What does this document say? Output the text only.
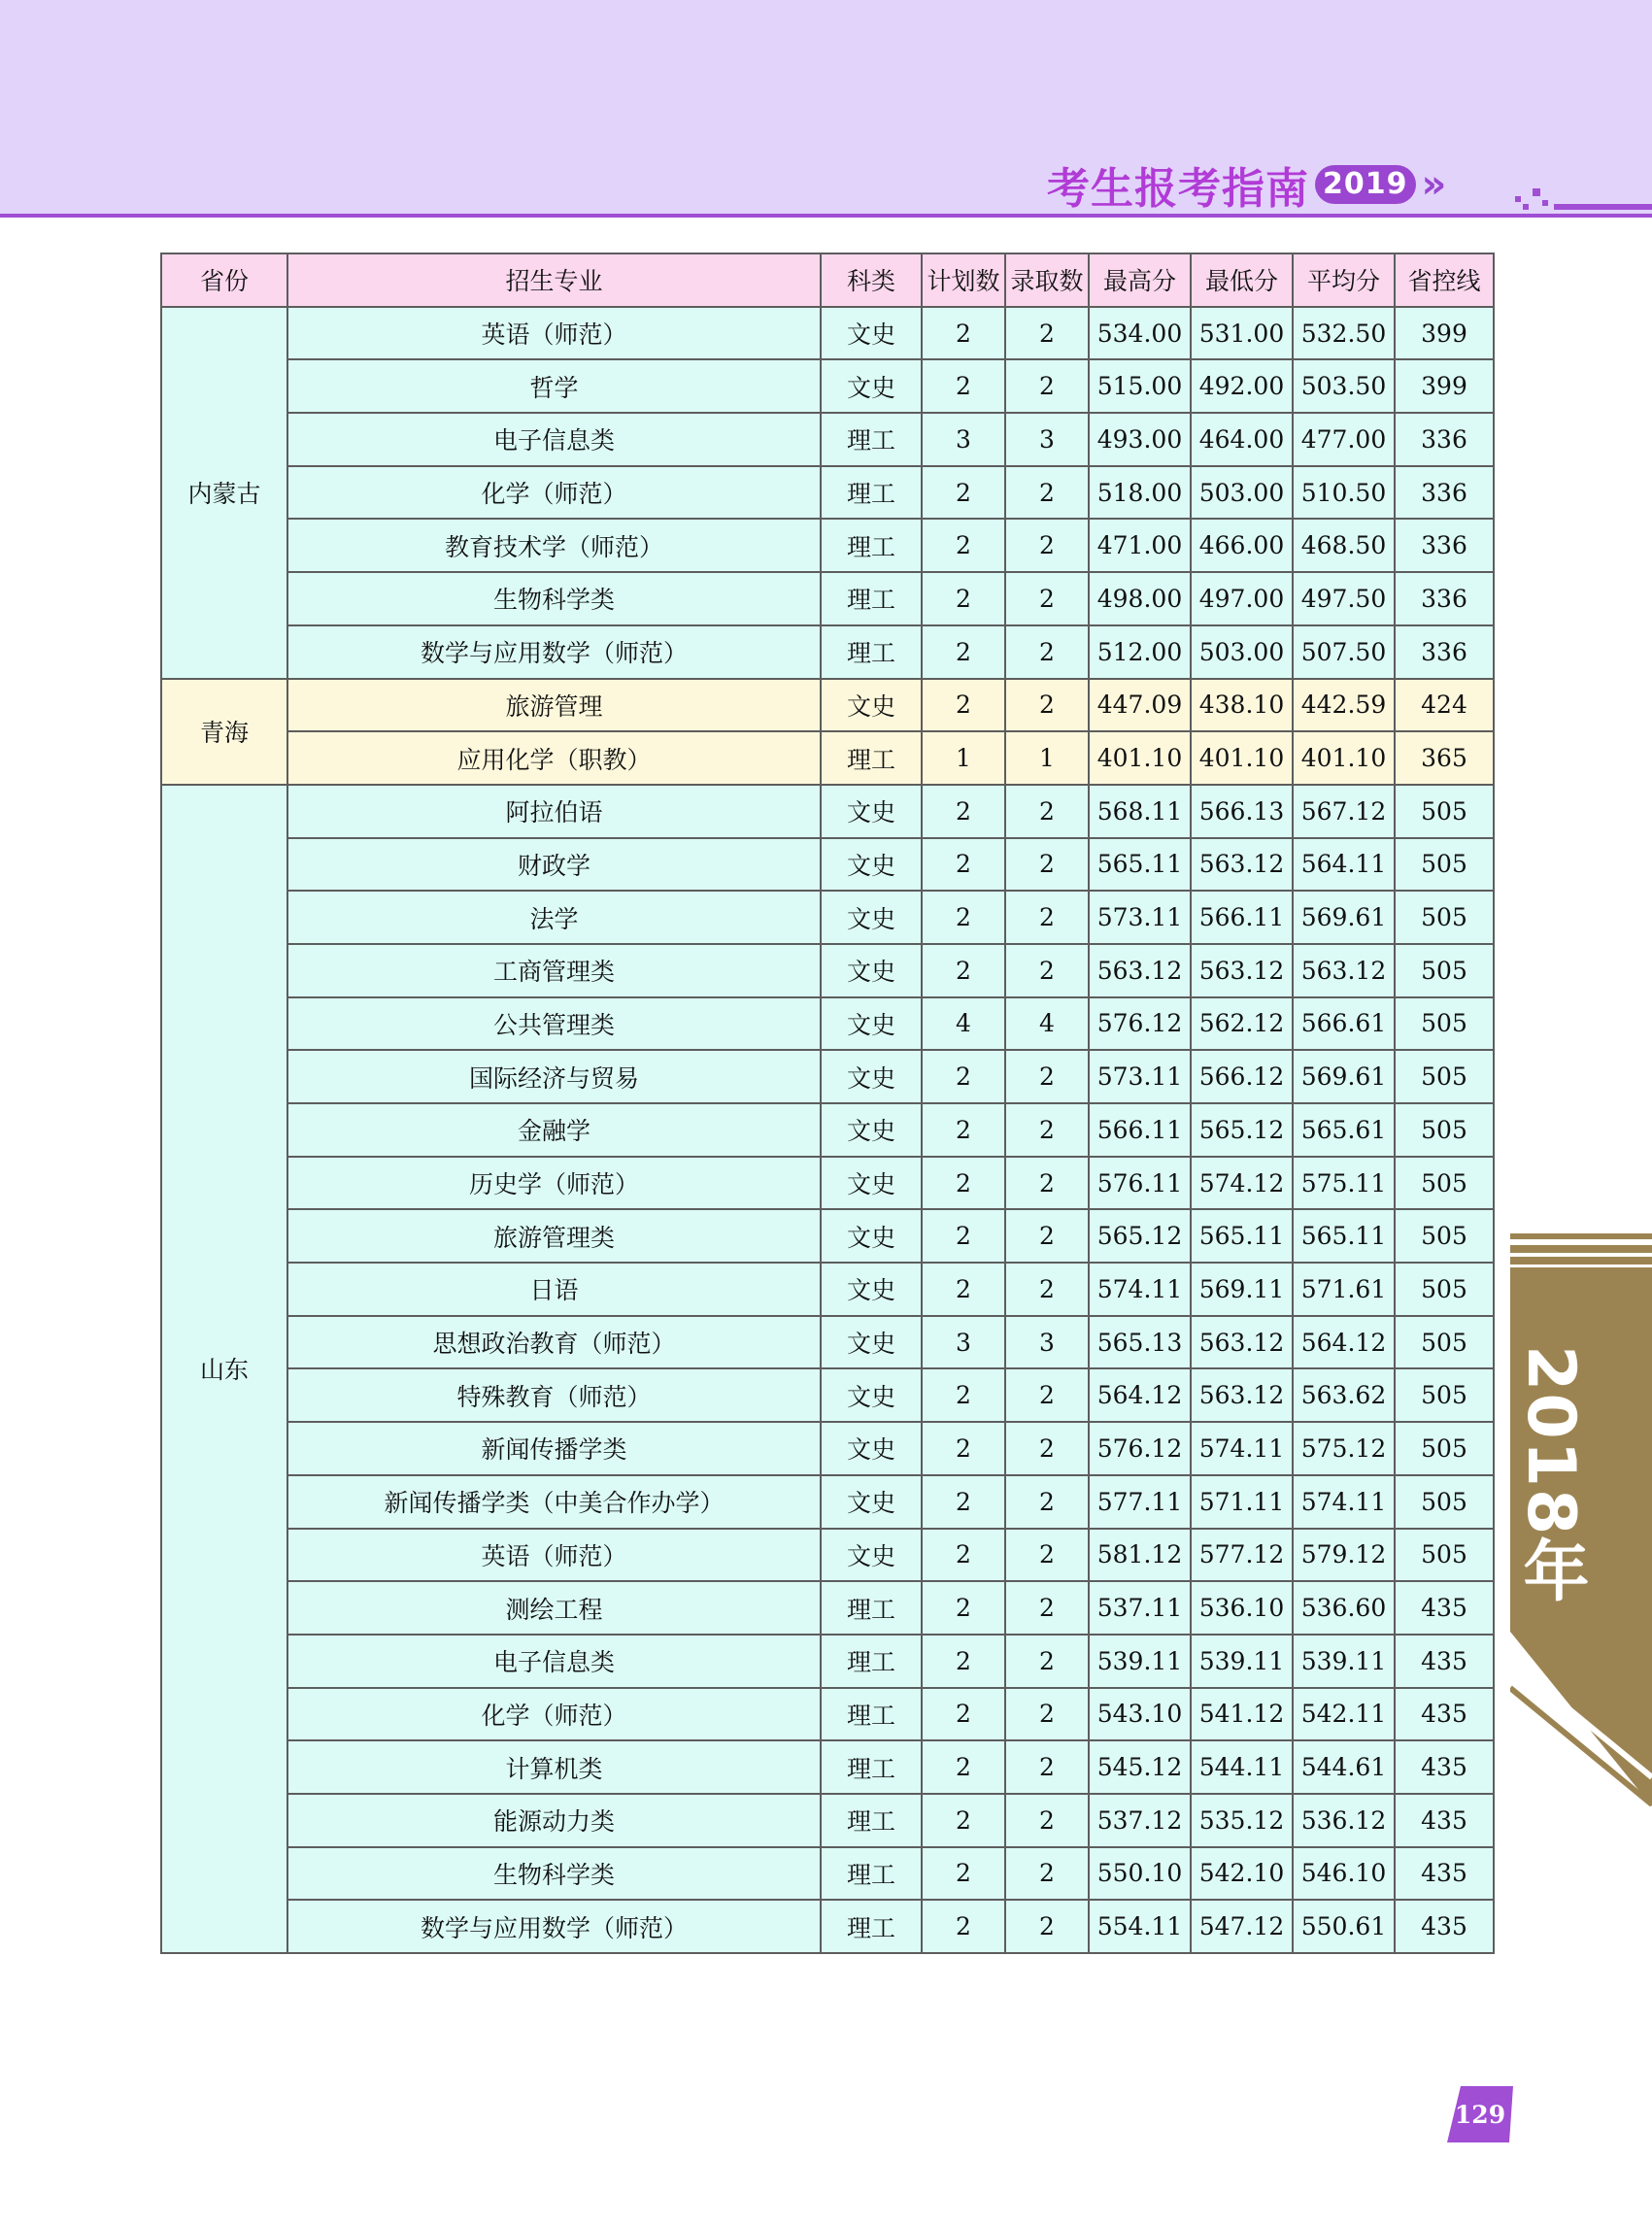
考生报考指南 2019 »
省份	招生专业	科类	计划数	录取数	最高分	最低分	平均分	省控线
内蒙古	英语（师范）	文史	2	2	534.00	531.00	532.50	399
	哲学	文史	2	2	515.00	492.00	503.50	399
	电子信息类	理工	3	3	493.00	464.00	477.00	336
	化学（师范）	理工	2	2	518.00	503.00	510.50	336
	教育技术学（师范）	理工	2	2	471.00	466.00	468.50	336
	生物科学类	理工	2	2	498.00	497.00	497.50	336
	数学与应用数学（师范）	理工	2	2	512.00	503.00	507.50	336
青海	旅游管理	文史	2	2	447.09	438.10	442.59	424
	应用化学（职教）	理工	1	1	401.10	401.10	401.10	365
山东	阿拉伯语	文史	2	2	568.11	566.13	567.12	505
	财政学	文史	2	2	565.11	563.12	564.11	505
	法学	文史	2	2	573.11	566.11	569.61	505
	工商管理类	文史	2	2	563.12	563.12	563.12	505
	公共管理类	文史	4	4	576.12	562.12	566.61	505
	国际经济与贸易	文史	2	2	573.11	566.12	569.61	505
	金融学	文史	2	2	566.11	565.12	565.61	505
	历史学（师范）	文史	2	2	576.11	574.12	575.11	505
	旅游管理类	文史	2	2	565.12	565.11	565.11	505
	日语	文史	2	2	574.11	569.11	571.61	505
	思想政治教育（师范）	文史	3	3	565.13	563.12	564.12	505
	特殊教育（师范）	文史	2	2	564.12	563.12	563.62	505
	新闻传播学类	文史	2	2	576.12	574.11	575.12	505
	新闻传播学类（中美合作办学）	文史	2	2	577.11	571.11	574.11	505
	英语（师范）	文史	2	2	581.12	577.12	579.12	505
	测绘工程	理工	2	2	537.11	536.10	536.60	435
	电子信息类	理工	2	2	539.11	539.11	539.11	435
	化学（师范）	理工	2	2	543.10	541.12	542.11	435
	计算机类	理工	2	2	545.12	544.11	544.61	435
	能源动力类	理工	2	2	537.12	535.12	536.12	435
	生物科学类	理工	2	2	550.10	542.10	546.10	435
	数学与应用数学（师范）	理工	2	2	554.11	547.12	550.61	435
2018年
129
